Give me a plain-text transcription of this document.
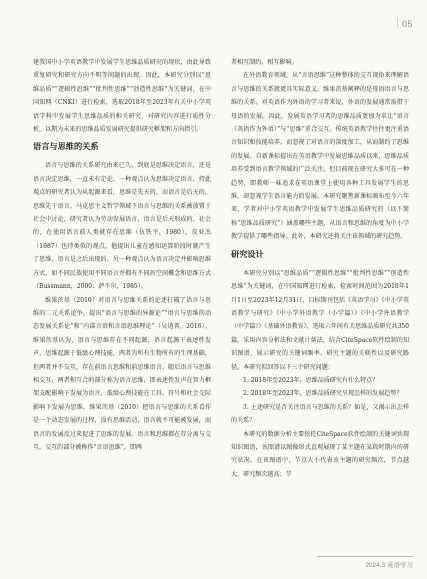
05

建我国中小学英语教学中发展学生思维品质研究的现状，由此导致重复研究和研究方向不明等问题的出现。因此，本研究分别以“思维品质”“逻辑性思维”“批判性思维”“创造性思维”为关键词，在中国知网（CNKI）进行检索，选取2018年至2023年有关中小学英语学科中发展学生思维品质的相关研究，对研究内容进行质性分析，以期为未来的思维品质发展研究提供研究框架和方向指引。

语言与思维的关系

语言与思维的关系研究由来已久，到底是思维决定语言，还是语言决定思维，一直未有定论。一种观点认为思维决定语言，持此观点的研究者认为从起源来看，思维是先天的，而语言是后天的，思维先于语言。马克思主义哲学领域下语言与思维的关系被放置于社会中讨论，研究者认为劳动发展语言，语言是后天形成的、社会的，在使用语言前人类就存在思维（伍铁平，1980），皮亚杰（1987）也持类似的观点，他提出儿童在感知运算阶段时就产生了思维，语言是之后出现的。另一种观点认为语言决定并影响思维方式，如不同民族使用不同语言并拥有不同的空间概念和思维方式（Bussmann，2000；萨不尔，1985）。

维果茨基（2010）对语言与思维关系的论述打破了语言与思维的二元关系论争，提出“语言与思维的异源论”“语言与思维的动态发展关系论”和“内部言语和言语思维理论”（吴逍菁，2016）。维果茨基认为，语言与思维存在不同起源，语言起源于表述性发声，思维起源于低级心理技能，两者为所有生物所有的生理基础，但两者并不交互，存在前语言思维和前思维语言。随后语言与思维相交互，两者相互合的部分称为语言思维，即表述性发声在智力框架支配影响下发展为语言，低级心理技能在工具、符号和社会交际影响下发展为思维。维果茨基（2010）把语言与思维的关系看作是一个动态发展的过程，没有思维活动，语言就不可能被发展，而语言的发展反过来促进了思维的发展。语言和思维都在存分离与交互，交互的部分被称作“言语思维”，即两

者相互制约、相互影响。

在外语教育领域，从“言语思维”这种整体的交互视角来理解语言与思维的关系就更具实际意义。维果茨基阐释的是母语语言与思维的关系。对英语作为外语的学习者来说，外语的发展通常需借于母语的发展。因此，发展英语学习者的思维品质更加为求让“语言（英语作为外语）”与“思维”重合交互。传统英语教学往往更注重语言知识和技能培养，而忽视了对语言的深度加工，从而制约了思维的发展。自新课标提出在英语教学中发展思维品质以来，思维品质培养受到语言教学领域的广泛关注。但目前现在研究大多可在一种趋势，即教师一味追求在英语课堂上使用各种工具发展学生的思维，却忽视学生语言能力的发展。本研究聚焦新课标颁布至今六年来，学者对中小学英语教学中发展学生思维品质研究的（以下简称“思维品质研究”）涵盖哪些主题，从语言和思维的角度为中小学教学提供了哪些指导。此外，本研究还将关注该领域的研究趋势。

研究设计

本研究分别以“思维品质”“逻辑性思维”“批判性思维”“创造性思维”为关键词，在中国知网进行检索，检索时间范围为2018年1月1日至2023年12月31日，目标期刊包括《英语学习》《中小学英语教学与研究》《中小学外语教学（小学篇）》《中小学外语教学（中学篇）》《基础外语教育》，选取六年间有关思维品质研究共350篇，采用内容分析法和文献计量法，结合CiteSpace软件绘制的知识图谱，展示研究的关键词频率、研究主题的关联性以及研究路径。本研究拟回答以下三个研究问题：

1. 2018年至2023年，思维品质研究有什么特点？

2. 2018年至2023年，思维品质研究呈现怎样的发展趋势？

3. 上述研究是否关注语言与思维的关系？如是，又揭示出怎样的关系？

本研究的数据分析主要依托CiteSpace软件绘制的关键词共现知识图谱，该图谱以图像形式直观展现了某主题在某段时期内的研究状况。在该图谱中，节点大小代表该主题的研究频次，节点越大，研究频次越高；节

2024.3 英语学习
